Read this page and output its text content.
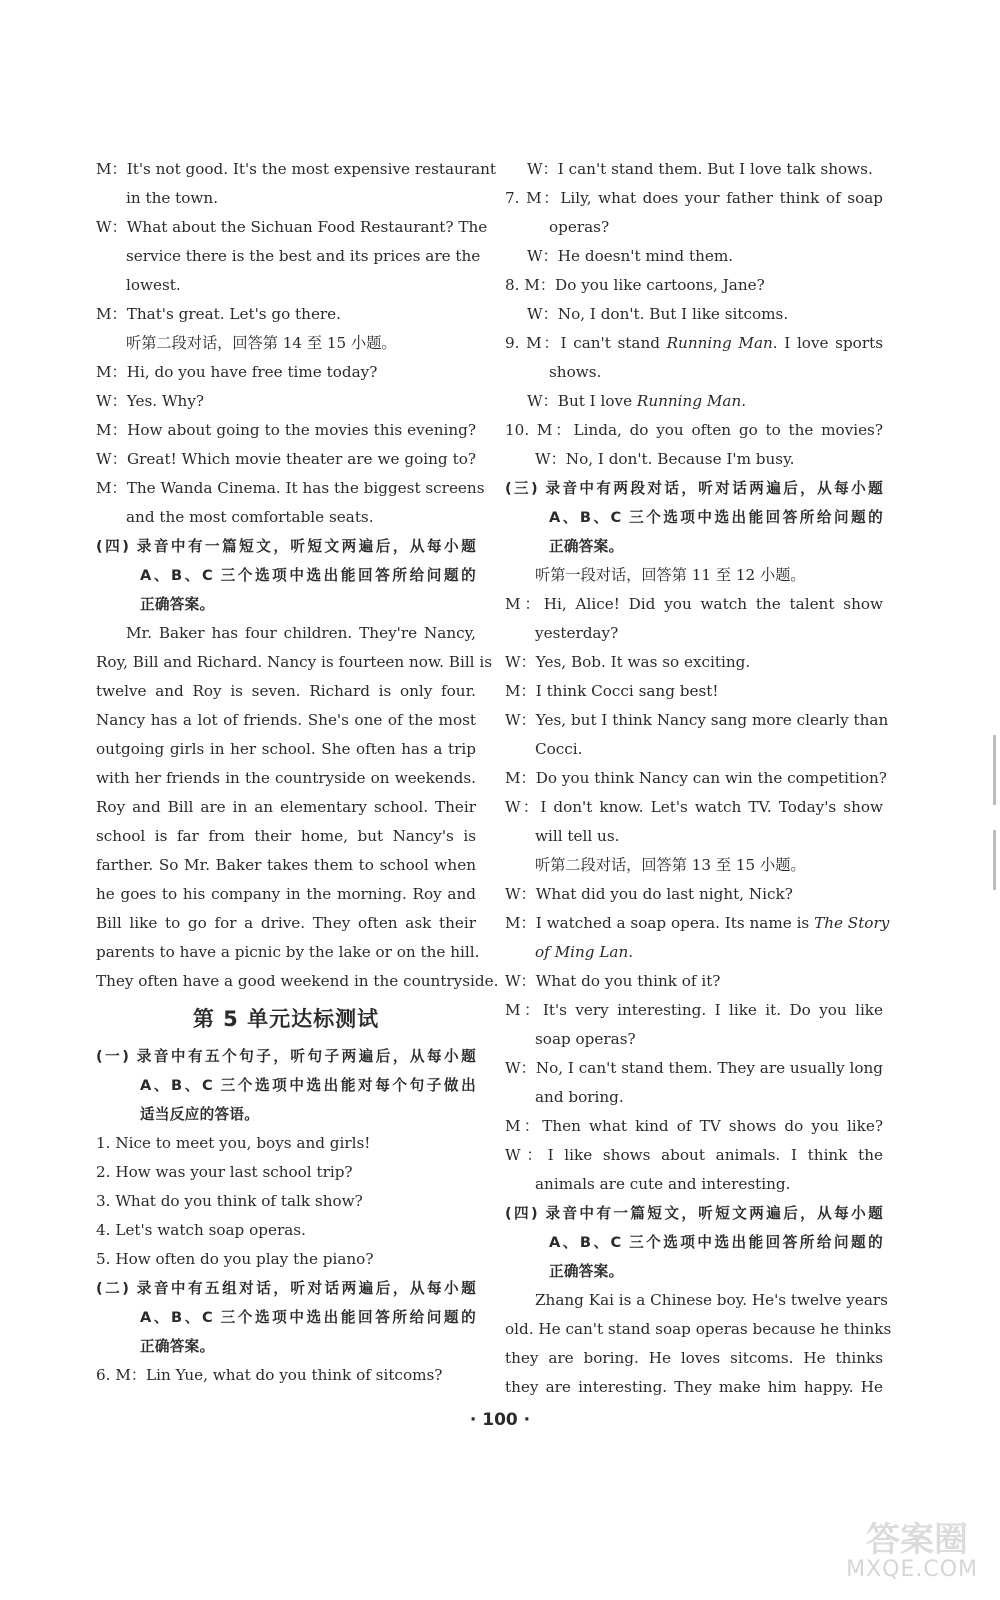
M：It's not good. It's the most expensive restaurant
in the town.
W：What about the Sichuan Food Restaurant? The
service there is the best and its prices are the
lowest.
M：That's great. Let's go there.
听第二段对话，回答第 14 至 15 小题。
M：Hi, do you have free time today?
W：Yes. Why?
M：How about going to the movies this evening?
W：Great! Which movie theater are we going to?
M：The Wanda Cinema. It has the biggest screens
and the most comfortable seats.
(四) 录音中有一篇短文，听短文两遍后，从每小题
A、B、C 三个选项中选出能回答所给问题的
正确答案。
Mr. Baker has four children. They're Nancy,
Roy, Bill and Richard. Nancy is fourteen now. Bill is
twelve and Roy is seven. Richard is only four.
Nancy has a lot of friends. She's one of the most
outgoing girls in her school. She often has a trip
with her friends in the countryside on weekends.
Roy and Bill are in an elementary school. Their
school is far from their home, but Nancy's is
farther. So Mr. Baker takes them to school when
he goes to his company in the morning. Roy and
Bill like to go for a drive. They often ask their
parents to have a picnic by the lake or on the hill.
They often have a good weekend in the countryside.
第 5 单元达标测试
(一) 录音中有五个句子，听句子两遍后，从每小题
A、B、C 三个选项中选出能对每个句子做出
适当反应的答语。
1. Nice to meet you, boys and girls!
2. How was your last school trip?
3. What do you think of talk show?
4. Let's watch soap operas.
5. How often do you play the piano?
(二) 录音中有五组对话，听对话两遍后，从每小题
A、B、C 三个选项中选出能回答所给问题的
正确答案。
6. M：Lin Yue, what do you think of sitcoms?
W：I can't stand them. But I love talk shows.
7. M：Lily, what does your father think of soap
operas?
W：He doesn't mind them.
8. M：Do you like cartoons, Jane?
W：No, I don't. But I like sitcoms.
9. M：I can't stand Running Man. I love sports
shows.
W：But I love Running Man.
10. M：Linda, do you often go to the movies?
W：No, I don't. Because I'm busy.
(三) 录音中有两段对话，听对话两遍后，从每小题
A、B、C 三个选项中选出能回答所给问题的
正确答案。
听第一段对话，回答第 11 至 12 小题。
M：Hi, Alice! Did you watch the talent show
yesterday?
W：Yes, Bob. It was so exciting.
M：I think Cocci sang best!
W：Yes, but I think Nancy sang more clearly than
Cocci.
M：Do you think Nancy can win the competition?
W：I don't know. Let's watch TV. Today's show
will tell us.
听第二段对话，回答第 13 至 15 小题。
W：What did you do last night, Nick?
M：I watched a soap opera. Its name is The Story
of Ming Lan.
W：What do you think of it?
M：It's very interesting. I like it. Do you like
soap operas?
W：No, I can't stand them. They are usually long
and boring.
M：Then what kind of TV shows do you like?
W：I like shows about animals. I think the
animals are cute and interesting.
(四) 录音中有一篇短文，听短文两遍后，从每小题
A、B、C 三个选项中选出能回答所给问题的
正确答案。
Zhang Kai is a Chinese boy. He's twelve years
old. He can't stand soap operas because he thinks
they are boring. He loves sitcoms. He thinks
they are interesting. They make him happy. He
· 100 ·
答案圈
MXQE.COM
